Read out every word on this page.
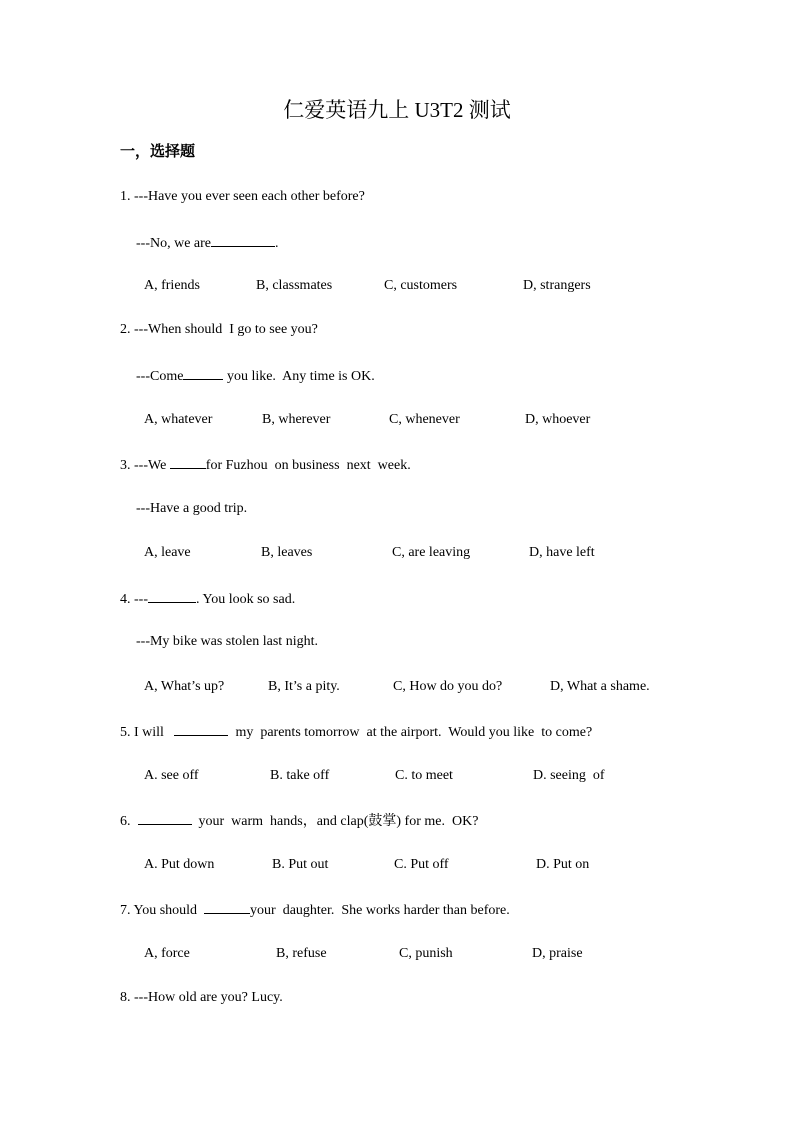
仁爱英语九上 U3T2 测试
一，选择题
1. ---Have you ever seen each other before?
---No, we are	.
A, friends	B, classmates	C, customers	D, strangers
2. ---When should  I go to see you?
---Come	you like.  Any time is OK.
A, whatever	B, wherever	C, whenever	D, whoever
3. ---We	for Fuzhou  on business  next  week.
---Have a good trip.
A, leave	B, leaves	C, are leaving	D, have left
4. ---	. You look so sad.
---My bike was stolen last night.
A, What’s up?	B, It’s a pity.	C, How do you do?	D, What a shame.
5. I will	my  parents tomorrow  at the airport.  Would you like  to come?
A. see off	B. take off	C. to meet	D. seeing  of
6.	your  warm  hands，and clap(鼓掌) for me.  OK?
A. Put down	B. Put out	C. Put off	D. Put on
7. You should	your  daughter.  She works harder than before.
A, force	B, refuse	C, punish	D, praise
8. ---How old are you? Lucy.
